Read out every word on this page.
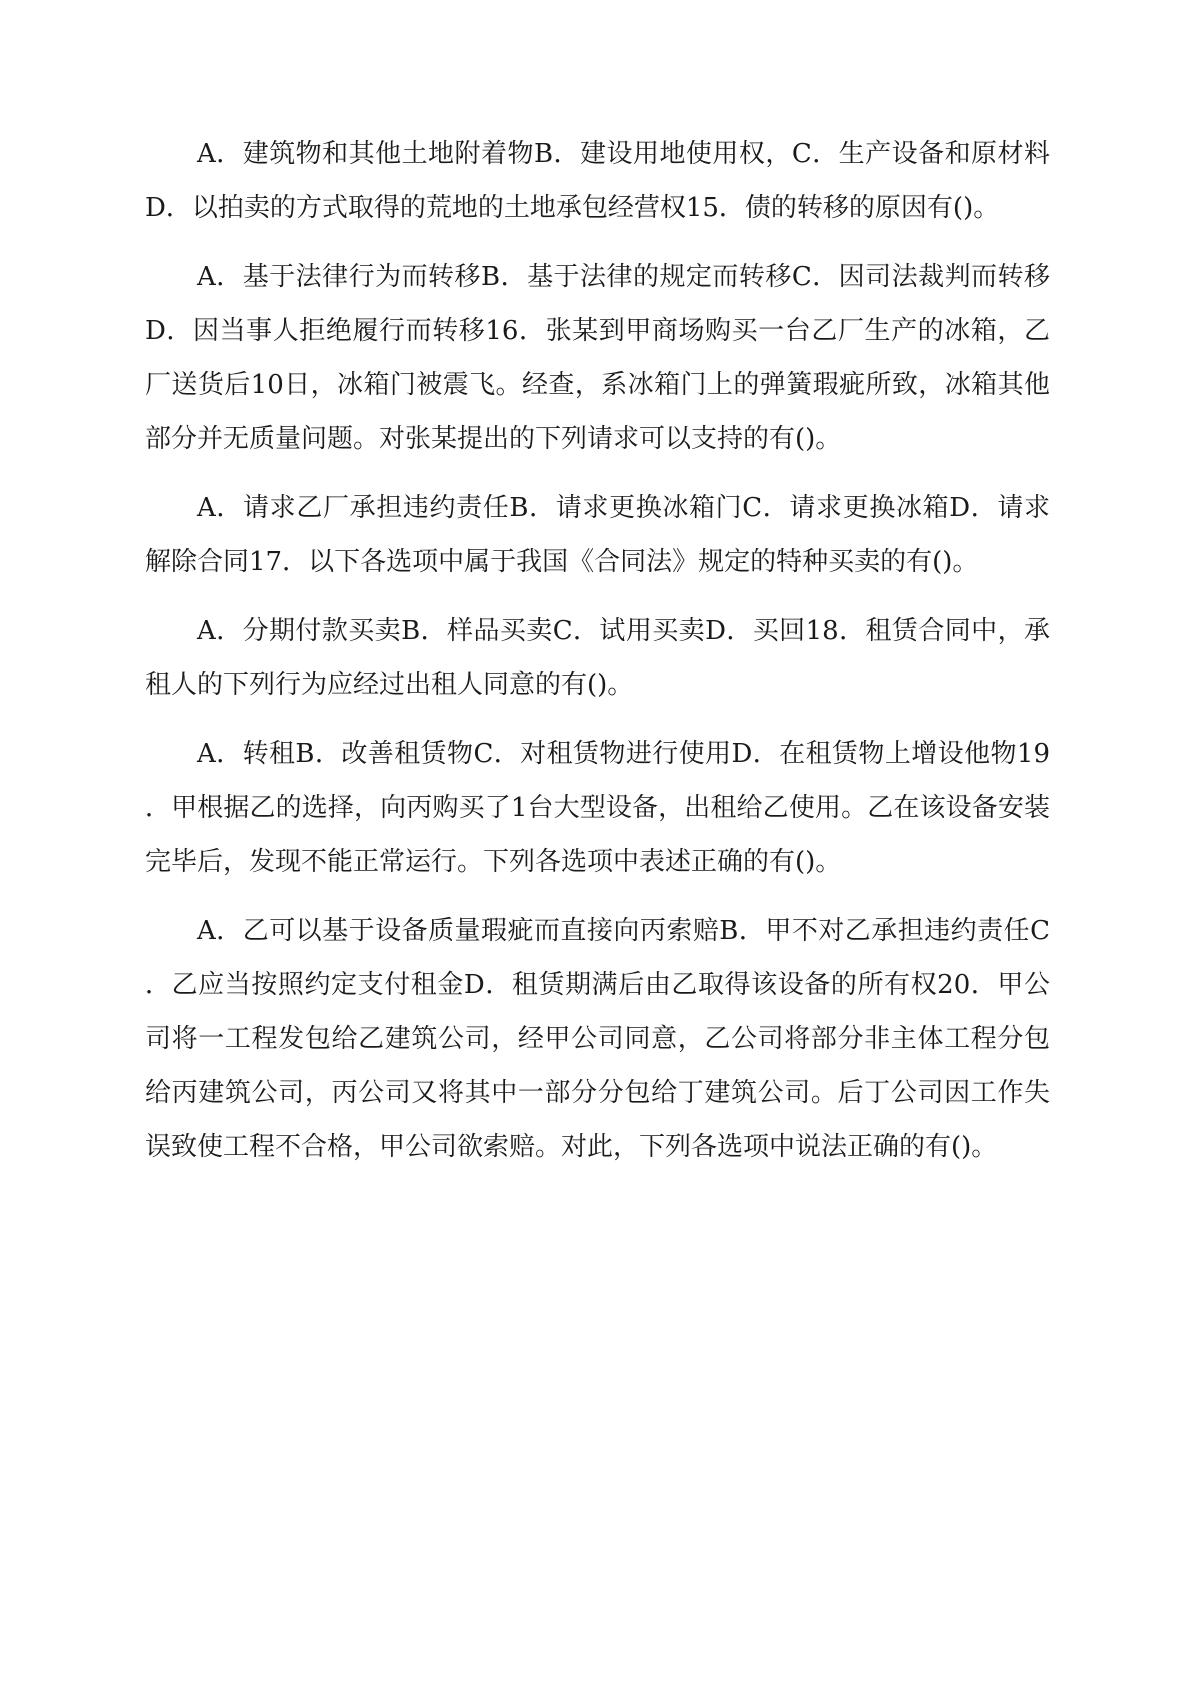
A．建筑物和其他土地附着物B．建设用地使用权，C．生产设备和原材料D．以拍卖的方式取得的荒地的土地承包经营权15．债的转移的原因有()。

A．基于法律行为而转移B．基于法律的规定而转移C．因司法裁判而转移D．因当事人拒绝履行而转移16．张某到甲商场购买一台乙厂生产的冰箱，乙厂送货后10日，冰箱门被震飞。经查，系冰箱门上的弹簧瑕疵所致，冰箱其他部分并无质量问题。对张某提出的下列请求可以支持的有()。

A．请求乙厂承担违约责任B．请求更换冰箱门C．请求更换冰箱D．请求解除合同17．以下各选项中属于我国《合同法》规定的特种买卖的有()。

A．分期付款买卖B．样品买卖C．试用买卖D．买回18．租赁合同中，承租人的下列行为应经过出租人同意的有()。

A．转租B．改善租赁物C．对租赁物进行使用D．在租赁物上增设他物19．甲根据乙的选择，向丙购买了1台大型设备，出租给乙使用。乙在该设备安装完毕后，发现不能正常运行。下列各选项中表述正确的有()。

A．乙可以基于设备质量瑕疵而直接向丙索赔B．甲不对乙承担违约责任C．乙应当按照约定支付租金D．租赁期满后由乙取得该设备的所有权20．甲公司将一工程发包给乙建筑公司，经甲公司同意，乙公司将部分非主体工程分包给丙建筑公司，丙公司又将其中一部分分包给丁建筑公司。后丁公司因工作失误致使工程不合格，甲公司欲索赔。对此，下列各选项中说法正确的有()。
